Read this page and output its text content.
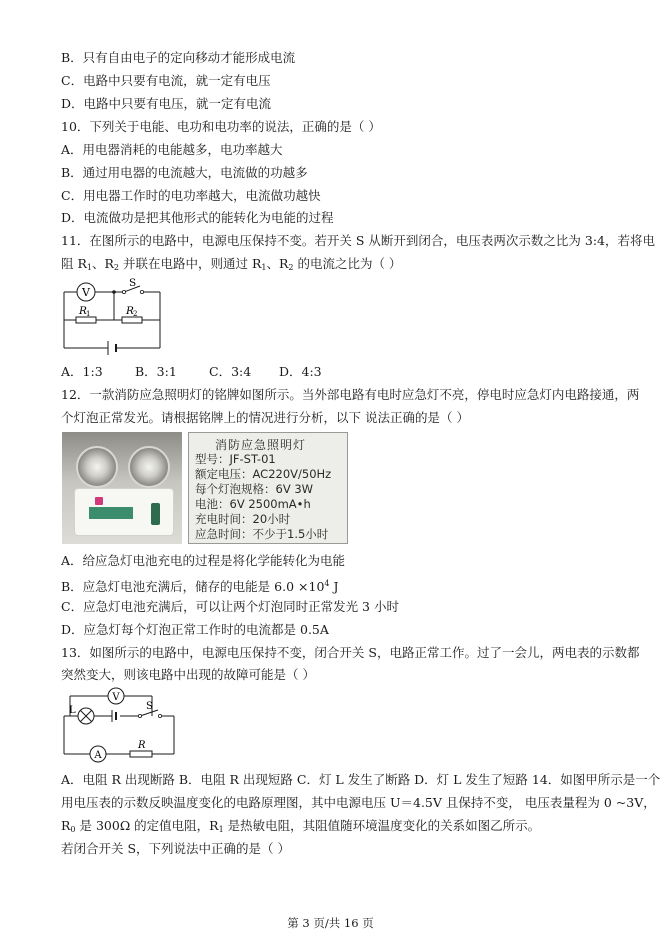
B．只有自由电子的定向移动才能形成电流
C．电路中只要有电流，就一定有电压
D．电路中只要有电压，就一定有电流
10．下列关于电能、电功和电功率的说法，正确的是（ ）
A．用电器消耗的电能越多，电功率越大
B．通过用电器的电流越大，电流做的功越多
C．用电器工作时的电功率越大，电流做功越快
D．电流做功是把其他形式的能转化为电能的过程
11．在图所示的电路中，电源电压保持不变。若开关 S 从断开到闭合，电压表两次示数之比为 3:4，若将电
阻 $R_1$、$R_2$ 并联在电路中，则通过 $R_1$、$R_2$ 的电流之比为（ ）
V
S
R 1	R 2
A．1:3	B．3:1	C．3:4 D．4:3
12．一款消防应急照明灯的铭牌如图所示。当外部电路有电时应急灯不亮，停电时应急灯内电路接通，两
个灯泡正常发光。请根据铭牌上的情况进行分析，以下 说法正确的是（ ）
消防应急照明灯
型号：JF-ST-01
额定电压：AC220V/50Hz
每个灯泡规格：6V 3W
电池：6V 2500mA•h
充电时间：20小时
应急时间：不少于1.5小时
A．给应急灯电池充电的过程是将化学能转化为电能
B．应急灯电池充满后，储存的电能是 $6.0 \times 10^4$ J
C．应急灯电池充满后，可以让两个灯泡同时正常发光 3 小时
D．应急灯每个灯泡正常工作时的电流都是 0.5A
13．如图所示的电路中，电源电压保持不变，闭合开关 S，电路正常工作。过了一会儿，两电表的示数都
突然变大，则该电路中出现的故障可能是（ ）
V
L	S
A
R
A．电阻 R 出现断路 B．电阻 R 出现短路 C．灯 L 发生了断路 D．灯 L 发生了短路 14．如图甲所示是一个
用电压表的示数反映温度变化的电路原理图，其中电源电压 U＝4.5V 且保持不变， 电压表量程为 0 ~3V，
$R_0$ 是 300Ω 的定值电阻，$R_1$ 是热敏电阻，其阻值随环境温度变化的关系如图乙所示。
若闭合开关 S，下列说法中正确的是（ ）
第 3 页/共 16 页
